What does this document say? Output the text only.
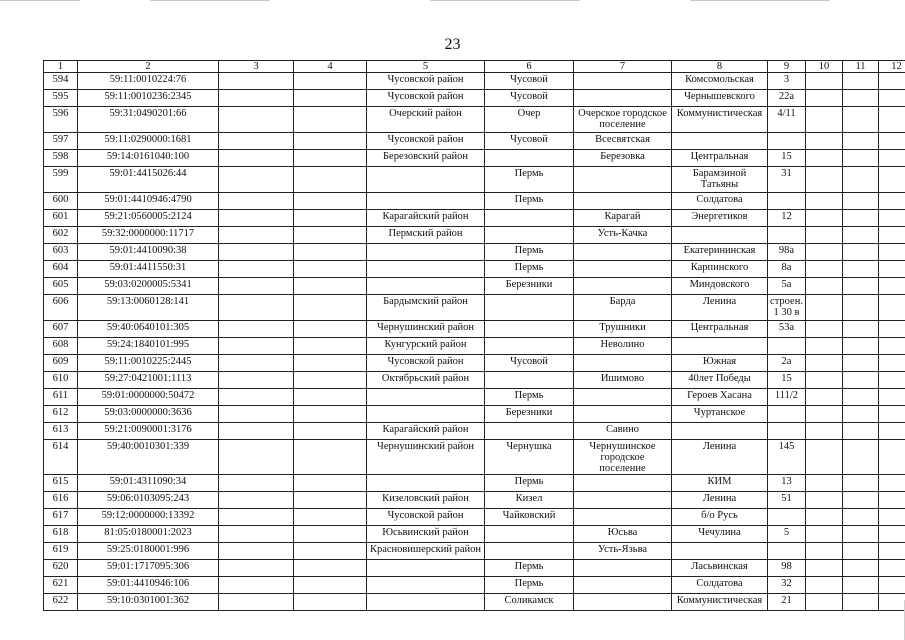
23
1	2	3	4	5	6	7	8	9	10	11	12
594	59:11:0010224:76			Чусовской район	Чусовой		Комсомольская	3			
595	59:11:0010236:2345			Чусовской район	Чусовой		Чернышевского	22а			
596	59:31:0490201:66			Очерский район	Очер	Очерское городское поселение	Коммунистическая	4/11			
597	59:11:0290000:1681			Чусовской район	Чусовой	Всесвятская					
598	59:14:0161040:100			Березовский район		Березовка	Центральная	15			
599	59:01:4415026:44				Пермь		Барамзиной Татьяны	31			
600	59:01:4410946:4790				Пермь		Солдатова				
601	59:21:0560005:2124			Карагайский район		Карагай	Энергетиков	12			
602	59:32:0000000:11717			Пермский район		Усть-Качка					
603	59:01:4410090:38				Пермь		Екатерининская	98а			
604	59:01:4411550:31				Пермь		Карпинского	8а			
605	59:03:0200005:5341				Березники		Миндовского	5а			
606	59:13:0060128:141			Бардымский район		Барда	Ленина	строен.1 30 в			
607	59:40:0640101:305			Чернушинский район		Трушники	Центральная	53а			
608	59:24:1840101:995			Кунгурский район		Неволино					
609	59:11:0010225:2445			Чусовской район	Чусовой		Южная	2а			
610	59:27:0421001:1113			Октябрьский район		Ишимово	40лет Победы	15			
611	59:01:0000000:50472				Пермь		Героев Хасана	111/2			
612	59:03:0000000:3636				Березники		Чуртанское				
613	59:21:0090001:3176			Карагайский район		Савино					
614	59:40:0010301:339			Чернушинский район	Чернушка	Чернушинское городское поселение	Ленина	145			
615	59:01:4311090:34				Пермь		КИМ	13			
616	59:06:0103095:243			Кизеловский район	Кизел		Ленина	51			
617	59:12:0000000:13392			Чусовской район	Чайковский		б/о Русь				
618	81:05:0180001:2023			Юсьвинский район		Юсьва	Чечулина	5			
619	59:25:0180001:996			Красновишерский район		Усть-Язьва					
620	59:01:1717095:306				Пермь		Ласьвинская	98			
621	59:01:4410946:106				Пермь		Солдатова	32			
622	59:10:0301001:362				Соликамск		Коммунистическая	21			
